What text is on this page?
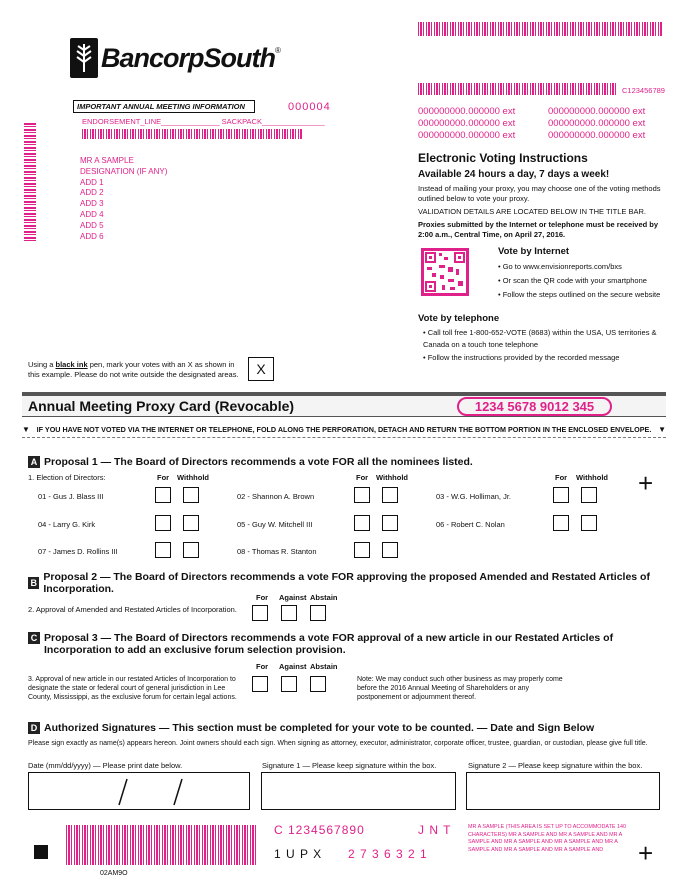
BancorpSouth ®
C123456789
IMPORTANT ANNUAL MEETING INFORMATION	000004
ENDORSEMENT_LINE______________ SACKPACK_______________
MR A SAMPLE
DESIGNATION (IF ANY)
ADD 1
ADD 2
ADD 3
ADD 4
ADD 5
ADD 6
000000000.000000 ext	000000000.000000 ext
000000000.000000 ext	000000000.000000 ext
000000000.000000 ext	000000000.000000 ext
Electronic Voting Instructions
Available 24 hours a day, 7 days a week!
Instead of mailing your proxy, you may choose one of the voting methods outlined below to vote your proxy.
VALIDATION DETAILS ARE LOCATED BELOW IN THE TITLE BAR.
Proxies submitted by the Internet or telephone must be received by 2:00 a.m., Central Time, on April 27, 2016.
Vote by Internet
• Go to www.envisionreports.com/bxs
• Or scan the QR code with your smartphone
• Follow the steps outlined on the secure website
Vote by telephone
• Call toll free 1-800-652-VOTE (8683) within the USA, US territories & Canada on a touch tone telephone
• Follow the instructions provided by the recorded message
Using a black ink pen, mark your votes with an X as shown in this example. Please do not write outside the designated areas.	X
Annual Meeting Proxy Card (Revocable)	1234 5678 9012 345
▼ IF YOU HAVE NOT VOTED VIA THE INTERNET OR TELEPHONE, FOLD ALONG THE PERFORATION, DETACH AND RETURN THE BOTTOM PORTION IN THE ENCLOSED ENVELOPE. ▼
A Proposal 1 — The Board of Directors recommends a vote FOR all the nominees listed.
1. Election of Directors:	For Withhold	For Withhold	For Withhold +
01 - Gus J. Blass III	02 - Shannon A. Brown	03 - W.G. Holliman, Jr.
04 - Larry G. Kirk	05 - Guy W. Mitchell III	06 - Robert C. Nolan
07 - James D. Rollins III	08 - Thomas R. Stanton
B Proposal 2 — The Board of Directors recommends a vote FOR approving the proposed Amended and Restated Articles of Incorporation.
For Against Abstain
2. Approval of Amended and Restated Articles of Incorporation.
C Proposal 3 — The Board of Directors recommends a vote FOR approval of a new article in our Restated Articles of Incorporation to add an exclusive forum selection provision.
For Against Abstain
3. Approval of new article in our restated Articles of Incorporation to designate the state or federal court of general jurisdiction in Lee County, Mississippi, as the exclusive forum for certain legal actions.
Note: We may conduct such other business as may properly come before the 2016 Annual Meeting of Shareholders or any postponement or adjournment thereof.
D Authorized Signatures — This section must be completed for your vote to be counted. — Date and Sign Below
Please sign exactly as name(s) appears hereon. Joint owners should each sign. When signing as attorney, executor, administrator, corporate officer, trustee, guardian, or custodian, please give full title.
Date (mm/dd/yyyy) — Please print date below.	Signature 1 — Please keep signature within the box.	Signature 2 — Please keep signature within the box.
02AM9O
C 1234567890	J N T
1 U P X 2 7 3 6 3 2 1
MR A SAMPLE (THIS AREA IS SET UP TO ACCOMMODATE 140 CHARACTERS) MR A SAMPLE AND MR A SAMPLE AND MR A SAMPLE AND MR A SAMPLE AND MR A SAMPLE AND MR A SAMPLE AND MR A SAMPLE AND MR A SAMPLE AND	+
